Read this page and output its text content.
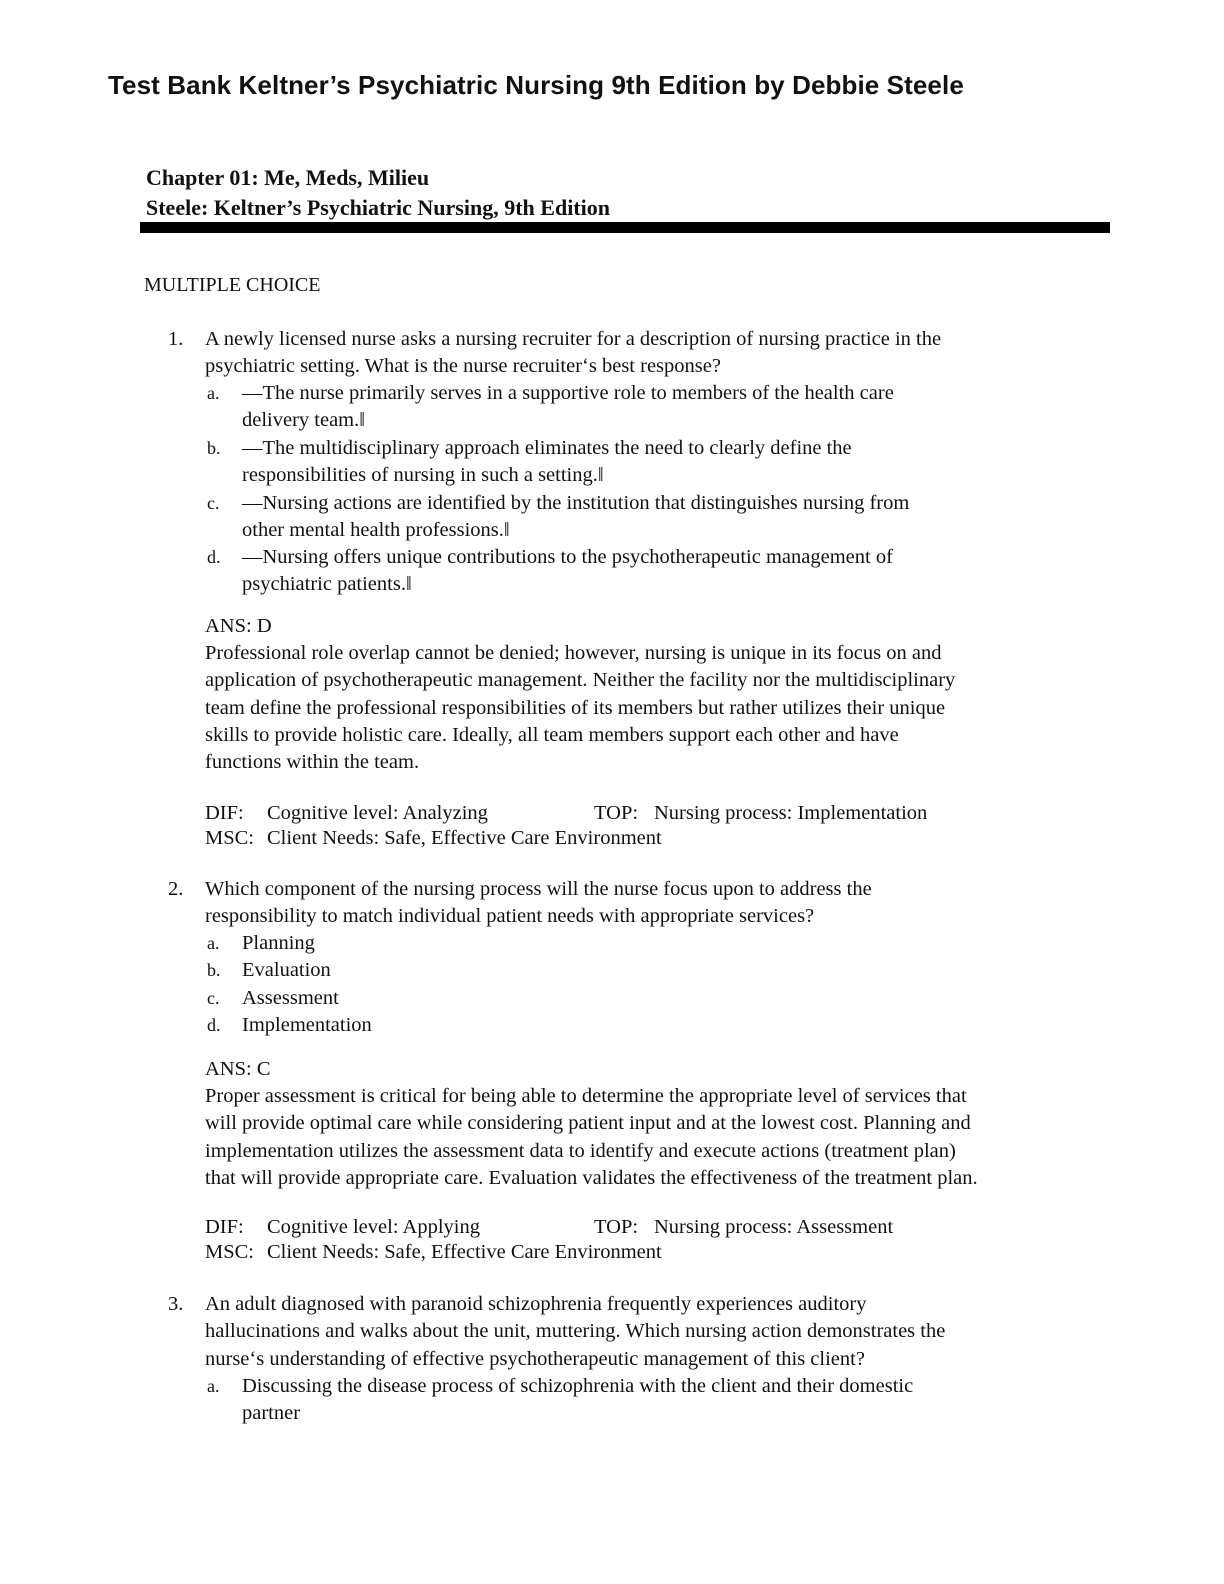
Test Bank Keltner’s Psychiatric Nursing 9th Edition by Debbie Steele
Chapter 01: Me, Meds, Milieu
Steele: Keltner’s Psychiatric Nursing, 9th Edition
MULTIPLE CHOICE
1. A newly licensed nurse asks a nursing recruiter for a description of nursing practice in the
psychiatric setting. What is the nurse recruiter‘s best response?
a. ―The nurse primarily serves in a supportive role to members of the health care
delivery team.‖
b. ―The multidisciplinary approach eliminates the need to clearly define the
responsibilities of nursing in such a setting.‖
c. ―Nursing actions are identified by the institution that distinguishes nursing from
other mental health professions.‖
d. ―Nursing offers unique contributions to the psychotherapeutic management of
psychiatric patients.‖
ANS: D
Professional role overlap cannot be denied; however, nursing is unique in its focus on and
application of psychotherapeutic management. Neither the facility nor the multidisciplinary
team define the professional responsibilities of its members but rather utilizes their unique
skills to provide holistic care. Ideally, all team members support each other and have
functions within the team.
DIF: Cognitive level: Analyzing	TOP: Nursing process: Implementation
MSC: Client Needs: Safe, Effective Care Environment
2. Which component of the nursing process will the nurse focus upon to address the
responsibility to match individual patient needs with appropriate services?
a. Planning
b. Evaluation
c. Assessment
d. Implementation
ANS: C
Proper assessment is critical for being able to determine the appropriate level of services that
will provide optimal care while considering patient input and at the lowest cost. Planning and
implementation utilizes the assessment data to identify and execute actions (treatment plan)
that will provide appropriate care. Evaluation validates the effectiveness of the treatment plan.
DIF: Cognitive level: Applying	TOP: Nursing process: Assessment
MSC: Client Needs: Safe, Effective Care Environment
3. An adult diagnosed with paranoid schizophrenia frequently experiences auditory
hallucinations and walks about the unit, muttering. Which nursing action demonstrates the
nurse‘s understanding of effective psychotherapeutic management of this client?
a. Discussing the disease process of schizophrenia with the client and their domestic
partner
